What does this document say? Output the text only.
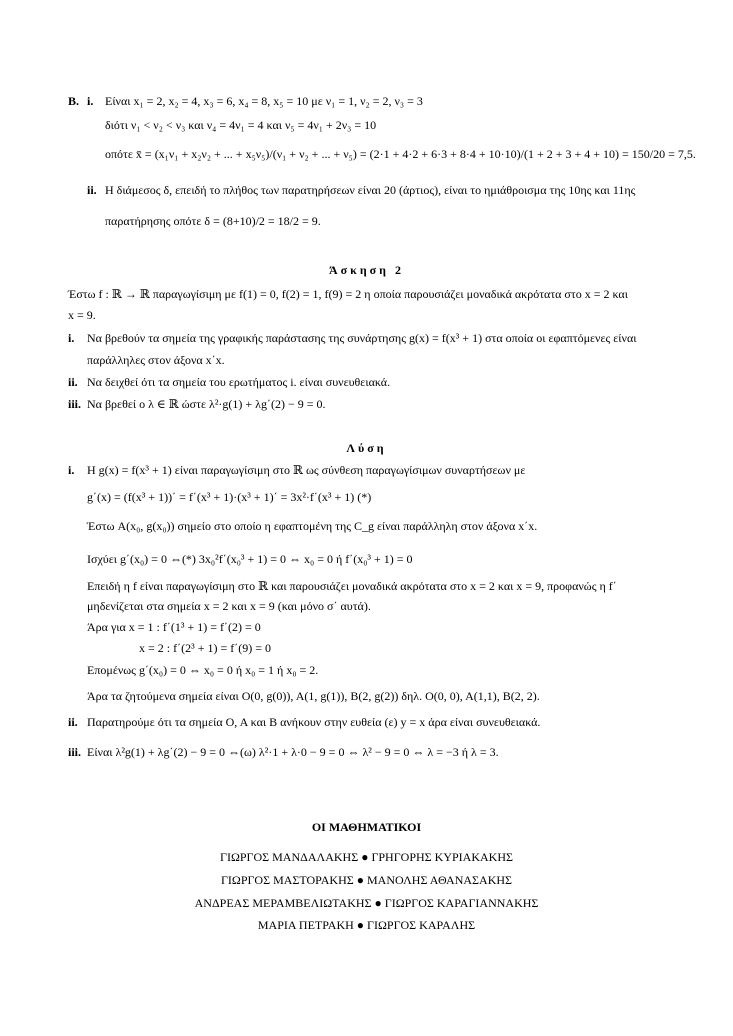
Β. i. Είναι x₁ = 2, x₂ = 4, x₃ = 6, x₄ = 8, x₅ = 10 με ν₁ = 1, ν₂ = 2, ν₃ = 3
διότι ν₁ < ν₂ < ν₃ και ν₄ = 4ν₁ = 4 και ν₅ = 4ν₁ + 2ν₃ = 10
οπότε x̄ = (x₁ν₁ + x₂ν₂ + ... + x₅ν₅)/(ν₁ + ν₂ + ... + ν₅) = (2·1 + 4·2 + 6·3 + 8·4 + 10·10)/(1 + 2 + 3 + 4 + 10) = 150/20 = 7,5.
ii. Η διάμεσος δ, επειδή το πλήθος των παρατηρήσεων είναι 20 (άρτιος), είναι το ημιάθροισμα της 10ης και 11ης
παρατήρησης οπότε δ = (8+10)/2 = 18/2 = 9.
Άσκηση 2
Έστω f : ℝ → ℝ παραγωγίσιμη με f(1) = 0, f(2) = 1, f(9) = 2 η οποία παρουσιάζει μοναδικά ακρότατα στο x = 2 και
x = 9.
i. Να βρεθούν τα σημεία της γραφικής παράστασης της συνάρτησης g(x) = f(x³ + 1) στα οποία οι εφαπτόμενες είναι
παράλληλες στον άξονα x΄x.
ii. Να δειχθεί ότι τα σημεία του ερωτήματος i. είναι συνευθειακά.
iii. Να βρεθεί ο λ ∈ ℝ ώστε λ²·g(1) + λg΄(2) − 9 = 0.
Λύση
i. Η g(x) = f(x³ + 1) είναι παραγωγίσιμη στο ℝ ως σύνθεση παραγωγίσιμων συναρτήσεων με
g΄(x) = (f(x³ + 1))΄ = f΄(x³ + 1)·(x³ + 1)΄ = 3x²·f΄(x³ + 1) (*)
Έστω A(x₀, g(x₀)) σημείο στο οποίο η εφαπτομένη της C_g είναι παράλληλη στον άξονα x΄x.
Ισχύει g΄(x₀) = 0 ⇔(*) 3x₀²f΄(x₀³ + 1) = 0 ⇔ x₀ = 0 ή f΄(x₀³ + 1) = 0
Επειδή η f είναι παραγωγίσιμη στο ℝ και παρουσιάζει μοναδικά ακρότατα στο x = 2 και x = 9, προφανώς η f΄
μηδενίζεται στα σημεία x = 2 και x = 9 (και μόνο σ΄ αυτά).
Άρα για x = 1 : f΄(1³ + 1) = f΄(2) = 0
x = 2 : f΄(2³ + 1) = f΄(9) = 0
Επομένως g΄(x₀) = 0 ⇔ x₀ = 0 ή x₀ = 1 ή x₀ = 2.
Άρα τα ζητούμενα σημεία είναι O(0, g(0)), A(1, g(1)), B(2, g(2)) δηλ. O(0, 0), A(1,1), B(2, 2).
ii. Παρατηρούμε ότι τα σημεία O, A και B ανήκουν στην ευθεία (ε) y = x άρα είναι συνευθειακά.
iii. Είναι λ²g(1) + λg΄(2) − 9 = 0 ⇔(ω) λ²·1 + λ·0 − 9 = 0 ⇔ λ² − 9 = 0 ⇔ λ = −3 ή λ = 3.
ΟΙ ΜΑΘΗΜΑΤΙΚΟΙ
ΓΙΩΡΓΟΣ ΜΑΝΔΑΛΑΚΗΣ ● ΓΡΗΓΟΡΗΣ ΚΥΡΙΑΚΑΚΗΣ
ΓΙΩΡΓΟΣ ΜΑΣΤΟΡΑΚΗΣ ● ΜΑΝΟΛΗΣ ΑΘΑΝΑΣΑΚΗΣ
ΑΝΔΡΕΑΣ ΜΕΡΑΜΒΕΛΙΩΤΑΚΗΣ ● ΓΙΩΡΓΟΣ ΚΑΡΑΓΙΑΝΝΑΚΗΣ
ΜΑΡΙΑ ΠΕΤΡΑΚΗ ● ΓΙΩΡΓΟΣ ΚΑΡΑΛΗΣ
